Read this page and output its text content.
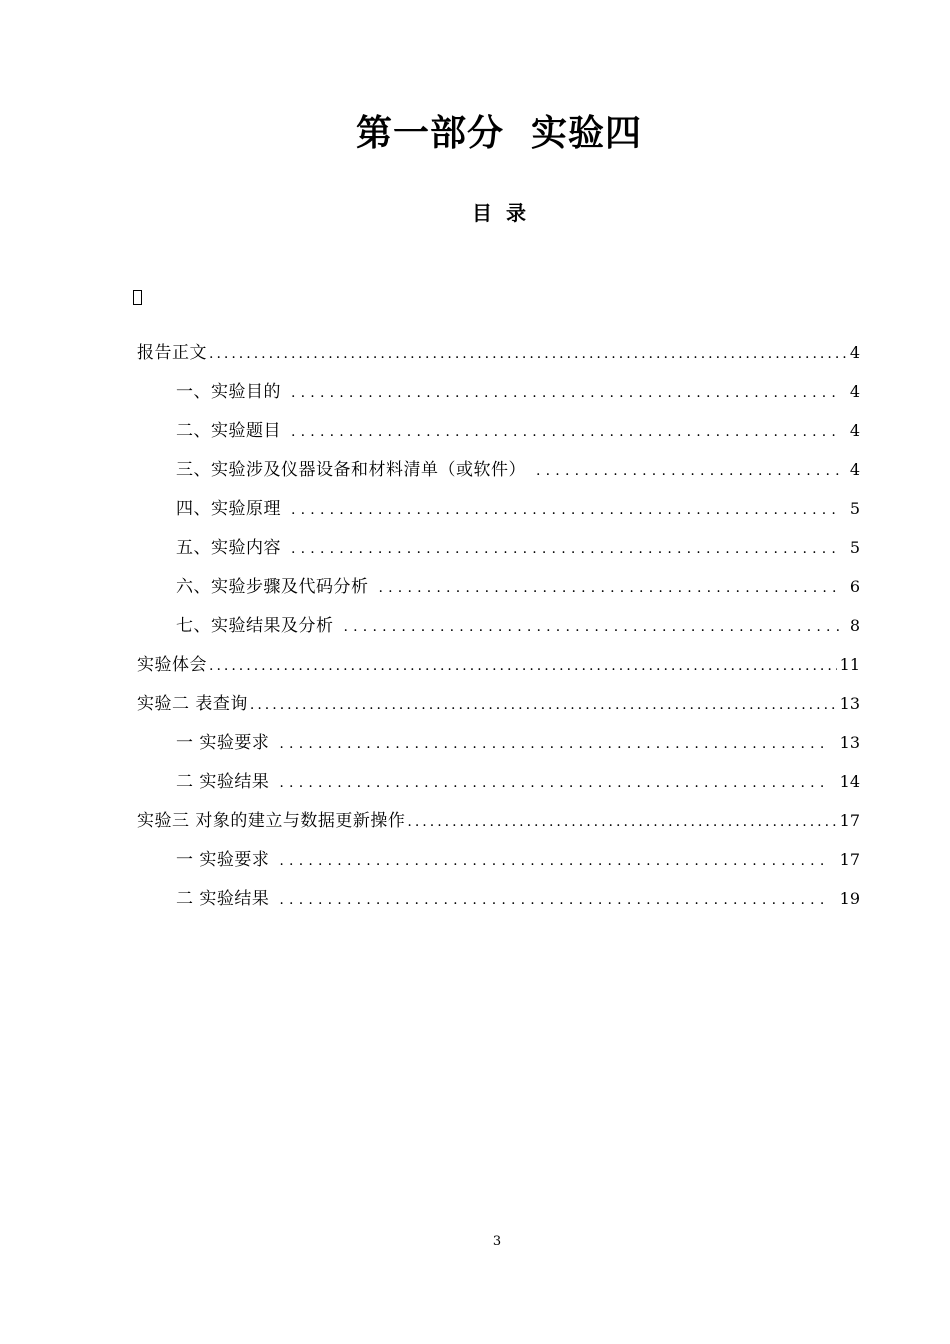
第一部分  实验四
目  录
报告正文 .....	4
一、实验目的 .....	4
二、实验题目 .....	4
三、实验涉及仪器设备和材料清单（或软件） .....	4
四、实验原理 .....	5
五、实验内容 .....	5
六、实验步骤及代码分析 .....	6
七、实验结果及分析 .....	8
实验体会 .....	11
实验二 表查询 .....	13
一 实验要求 .....	13
二 实验结果 .....	14
实验三 对象的建立与数据更新操作 .....	17
一 实验要求 .....	17
二 实验结果 .....	19
3
